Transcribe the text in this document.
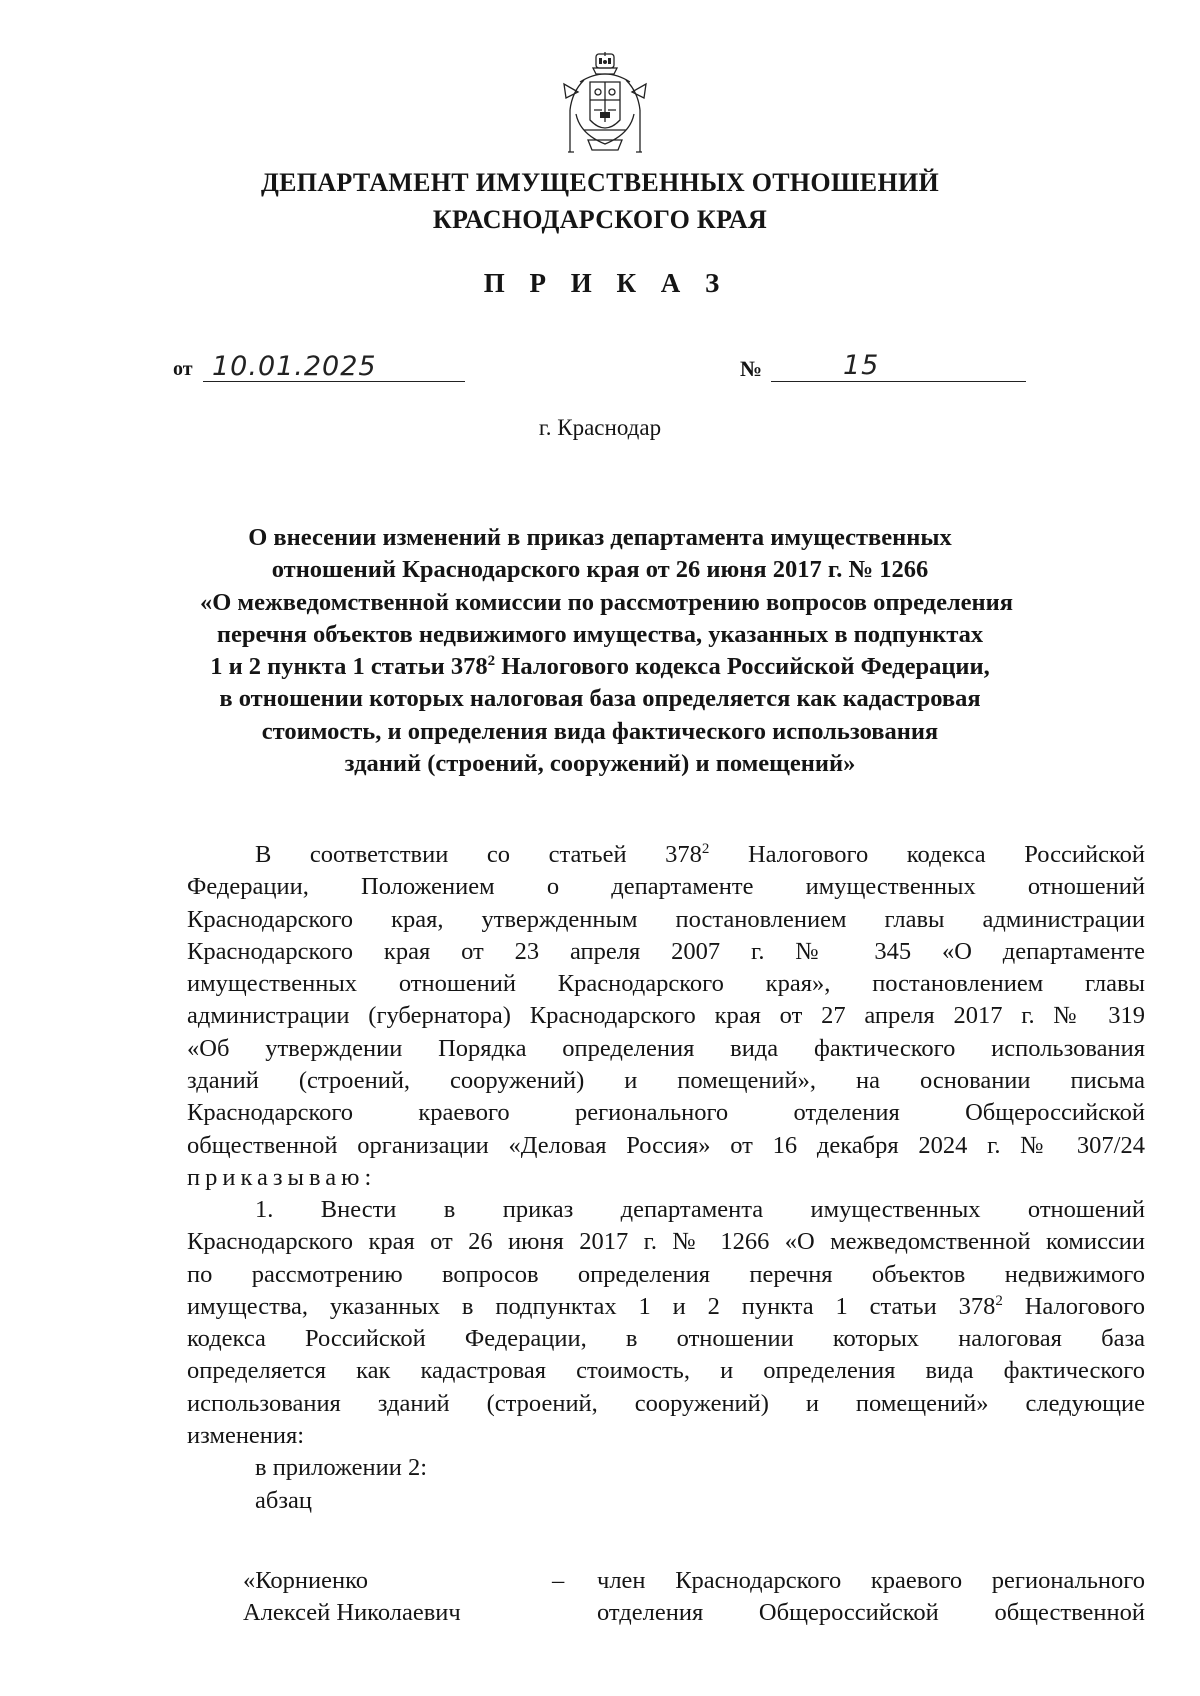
ДЕПАРТАМЕНТ ИМУЩЕСТВЕННЫХ ОТНОШЕНИЙ
КРАСНОДАРСКОГО КРАЯ
П Р И К А З
от 10.01.2025	№	15
г. Краснодар
О внесении изменений в приказ департамента имущественных
отношений Краснодарского края от 26 июня 2017 г. № 1266
«О межведомственной комиссии по рассмотрению вопросов определения
перечня объектов недвижимого имущества, указанных в подпунктах
1 и 2 пункта 1 статьи $378^2$ Налогового кодекса Российской Федерации,
в отношении которых налоговая база определяется как кадастровая
стоимость, и определения вида фактического использования
зданий (строений, сооружений) и помещений»
В соответствии со статьей $378^2$ Налогового кодекса Российской
Федерации, Положением о департаменте имущественных отношений
Краснодарского края, утвержденным постановлением главы администрации
Краснодарского края от 23 апреля 2007 г. № 345 «О департаменте
имущественных отношений Краснодарского края», постановлением главы
администрации (губернатора) Краснодарского края от 27 апреля 2017 г. № 319
«Об утверждении Порядка определения вида фактического использования
зданий (строений, сооружений) и помещений», на основании письма
Краснодарского краевого регионального отделения Общероссийской
общественной организации «Деловая Россия» от 16 декабря 2024 г. № 307/24
приказываю:
1. Внести в приказ департамента имущественных отношений
Краснодарского края от 26 июня 2017 г. № 1266 «О межведомственной комиссии
по рассмотрению вопросов определения перечня объектов недвижимого
имущества, указанных в подпунктах 1 и 2 пункта 1 статьи $378^2$ Налогового
кодекса Российской Федерации, в отношении которых налоговая база
определяется как кадастровая стоимость, и определения вида фактического
использования зданий (строений, сооружений) и помещений» следующие
изменения:
в приложении 2:
абзац
«Корниенко
Алексей Николаевич
– член Краснодарского краевого регионального
отделения Общероссийской общественной
